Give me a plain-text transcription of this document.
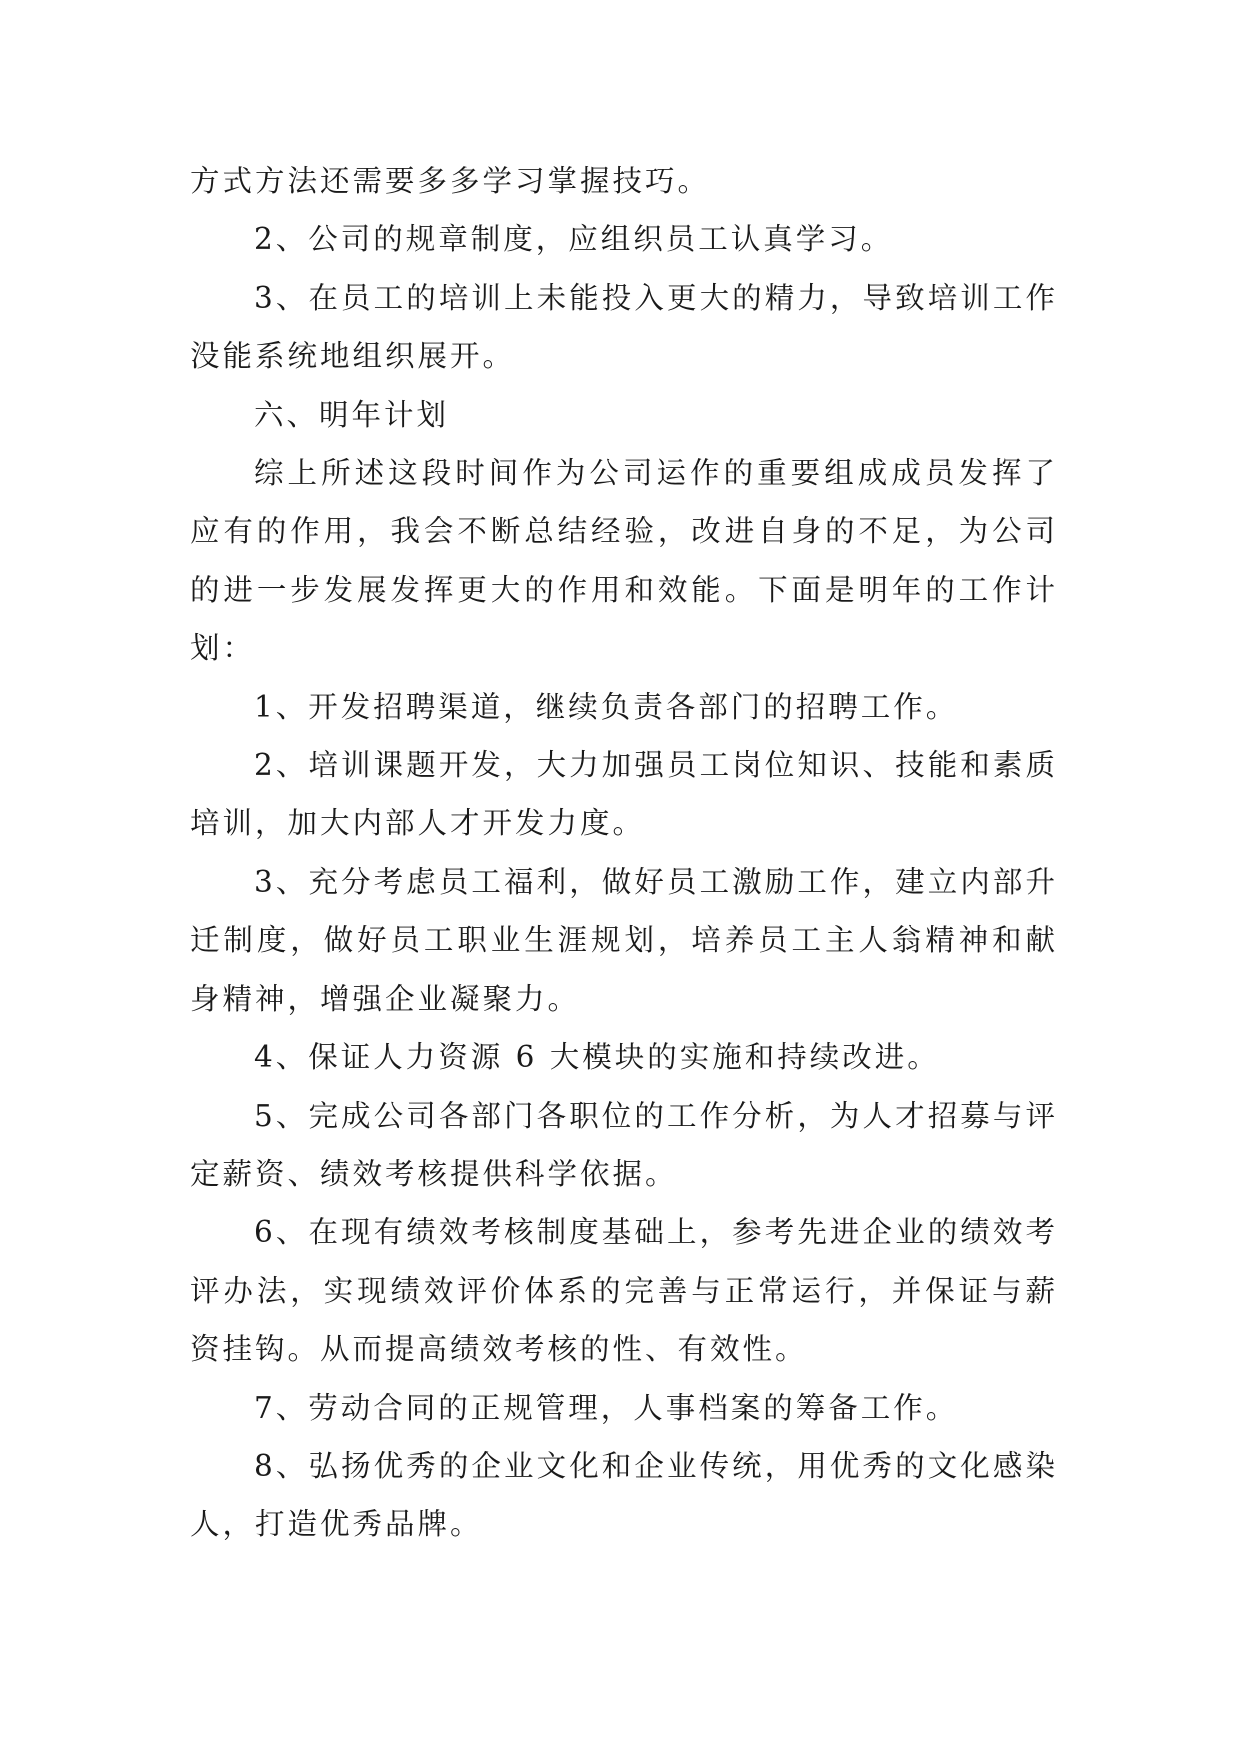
方式方法还需要多多学习掌握技巧。

2、公司的规章制度，应组织员工认真学习。

3、在员工的培训上未能投入更大的精力，导致培训工作没能系统地组织展开。

六、明年计划

综上所述这段时间作为公司运作的重要组成成员发挥了应有的作用，我会不断总结经验，改进自身的不足，为公司的进一步发展发挥更大的作用和效能。下面是明年的工作计划：

1、开发招聘渠道，继续负责各部门的招聘工作。

2、培训课题开发，大力加强员工岗位知识、技能和素质培训，加大内部人才开发力度。

3、充分考虑员工福利，做好员工激励工作，建立内部升迁制度，做好员工职业生涯规划，培养员工主人翁精神和献身精神，增强企业凝聚力。

4、保证人力资源 6 大模块的实施和持续改进。

5、完成公司各部门各职位的工作分析，为人才招募与评定薪资、绩效考核提供科学依据。

6、在现有绩效考核制度基础上，参考先进企业的绩效考评办法，实现绩效评价体系的完善与正常运行，并保证与薪资挂钩。从而提高绩效考核的性、有效性。

7、劳动合同的正规管理，人事档案的筹备工作。

8、弘扬优秀的企业文化和企业传统，用优秀的文化感染人，打造优秀品牌。
